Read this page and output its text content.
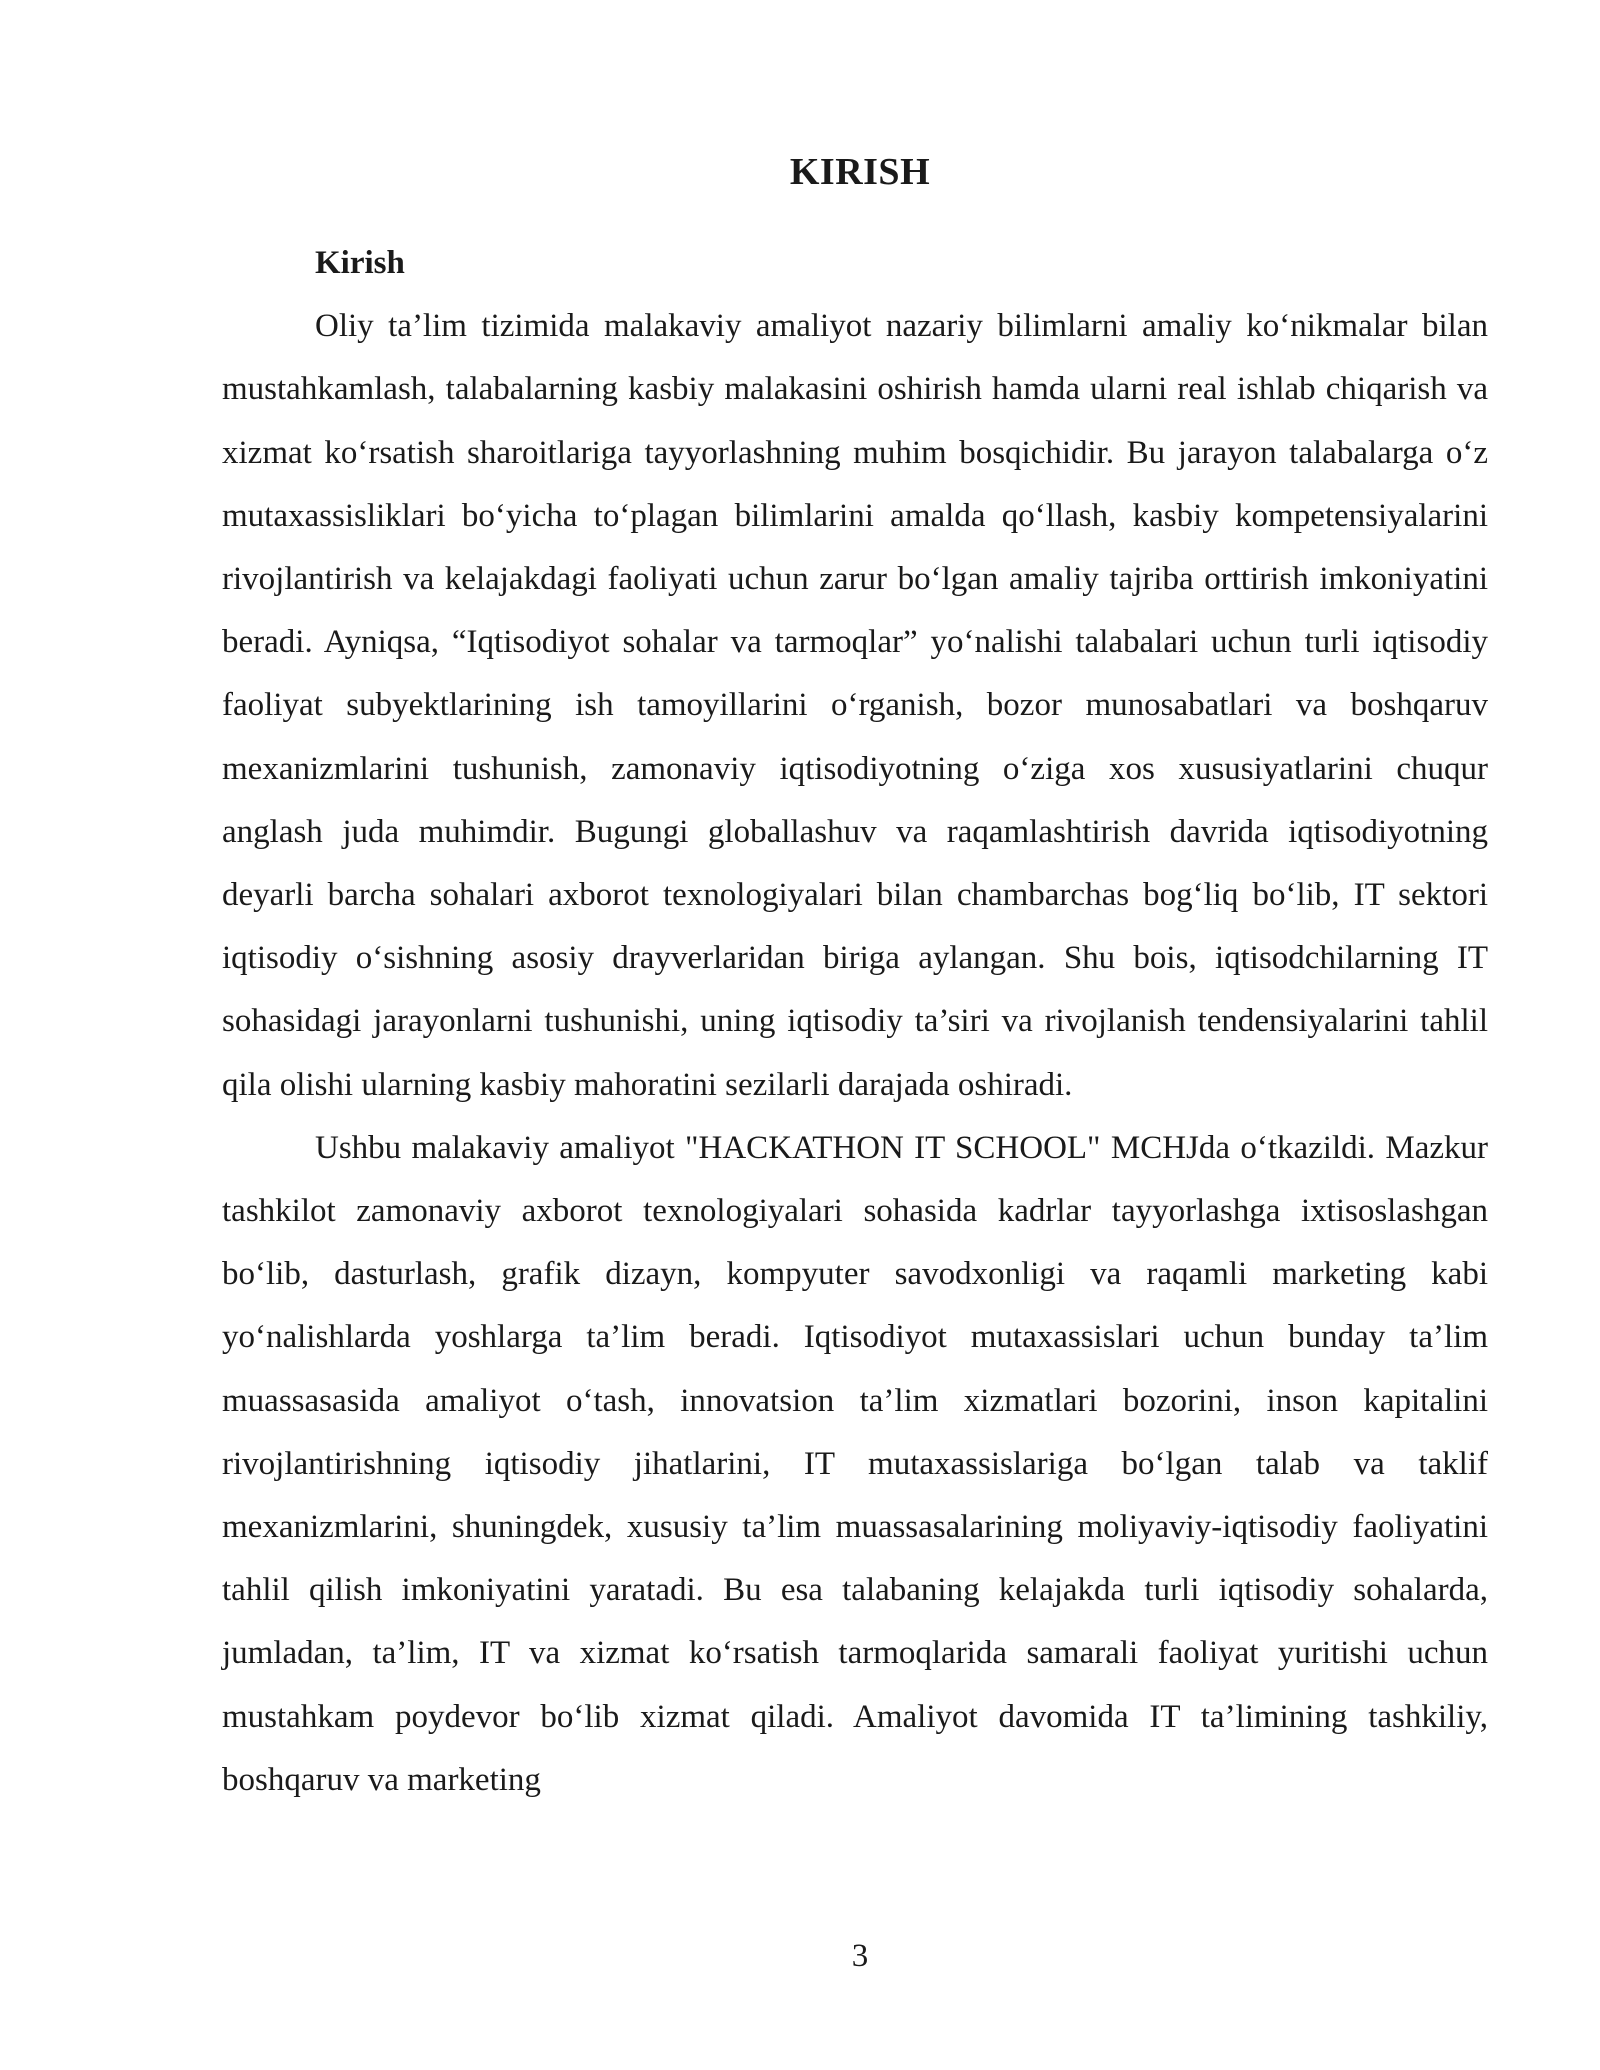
KIRISH

Kirish

Oliy ta’lim tizimida malakaviy amaliyot nazariy bilimlarni amaliy ko‘nikmalar bilan mustahkamlash, talabalarning kasbiy malakasini oshirish hamda ularni real ishlab chiqarish va xizmat ko‘rsatish sharoitlariga tayyorlashning muhim bosqichidir. Bu jarayon talabalarga o‘z mutaxassisliklari bo‘yicha to‘plagan bilimlarini amalda qo‘llash, kasbiy kompetensiyalarini rivojlantirish va kelajakdagi faoliyati uchun zarur bo‘lgan amaliy tajriba orttirish imkoniyatini beradi. Ayniqsa, “Iqtisodiyot sohalar va tarmoqlar” yo‘nalishi talabalari uchun turli iqtisodiy faoliyat subyektlarining ish tamoyillarini o‘rganish, bozor munosabatlari va boshqaruv mexanizmlarini tushunish, zamonaviy iqtisodiyotning o‘ziga xos xususiyatlarini chuqur anglash juda muhimdir. Bugungi globallashuv va raqamlashtirish davrida iqtisodiyotning deyarli barcha sohalari axborot texnologiyalari bilan chambarchas bog‘liq bo‘lib, IT sektori iqtisodiy o‘sishning asosiy drayverlaridan biriga aylangan. Shu bois, iqtisodchilarning IT sohasidagi jarayonlarni tushunishi, uning iqtisodiy ta’siri va rivojlanish tendensiyalarini tahlil qila olishi ularning kasbiy mahoratini sezilarli darajada oshiradi.

Ushbu malakaviy amaliyot "HACKATHON IT SCHOOL" MCHJda o‘tkazildi. Mazkur tashkilot zamonaviy axborot texnologiyalari sohasida kadrlar tayyorlashga ixtisoslashgan bo‘lib, dasturlash, grafik dizayn, kompyuter savodxonligi va raqamli marketing kabi yo‘nalishlarda yoshlarga ta’lim beradi. Iqtisodiyot mutaxassislari uchun bunday ta’lim muassasasida amaliyot o‘tash, innovatsion ta’lim xizmatlari bozorini, inson kapitalini rivojlantirishning iqtisodiy jihatlarini, IT mutaxassislariga bo‘lgan talab va taklif mexanizmlarini, shuningdek, xususiy ta’lim muassasalarining moliyaviy-iqtisodiy faoliyatini tahlil qilish imkoniyatini yaratadi. Bu esa talabaning kelajakda turli iqtisodiy sohalarda, jumladan, ta’lim, IT va xizmat ko‘rsatish tarmoqlarida samarali faoliyat yuritishi uchun mustahkam poydevor bo‘lib xizmat qiladi. Amaliyot davomida IT ta’limining tashkiliy, boshqaruv va marketing

3
